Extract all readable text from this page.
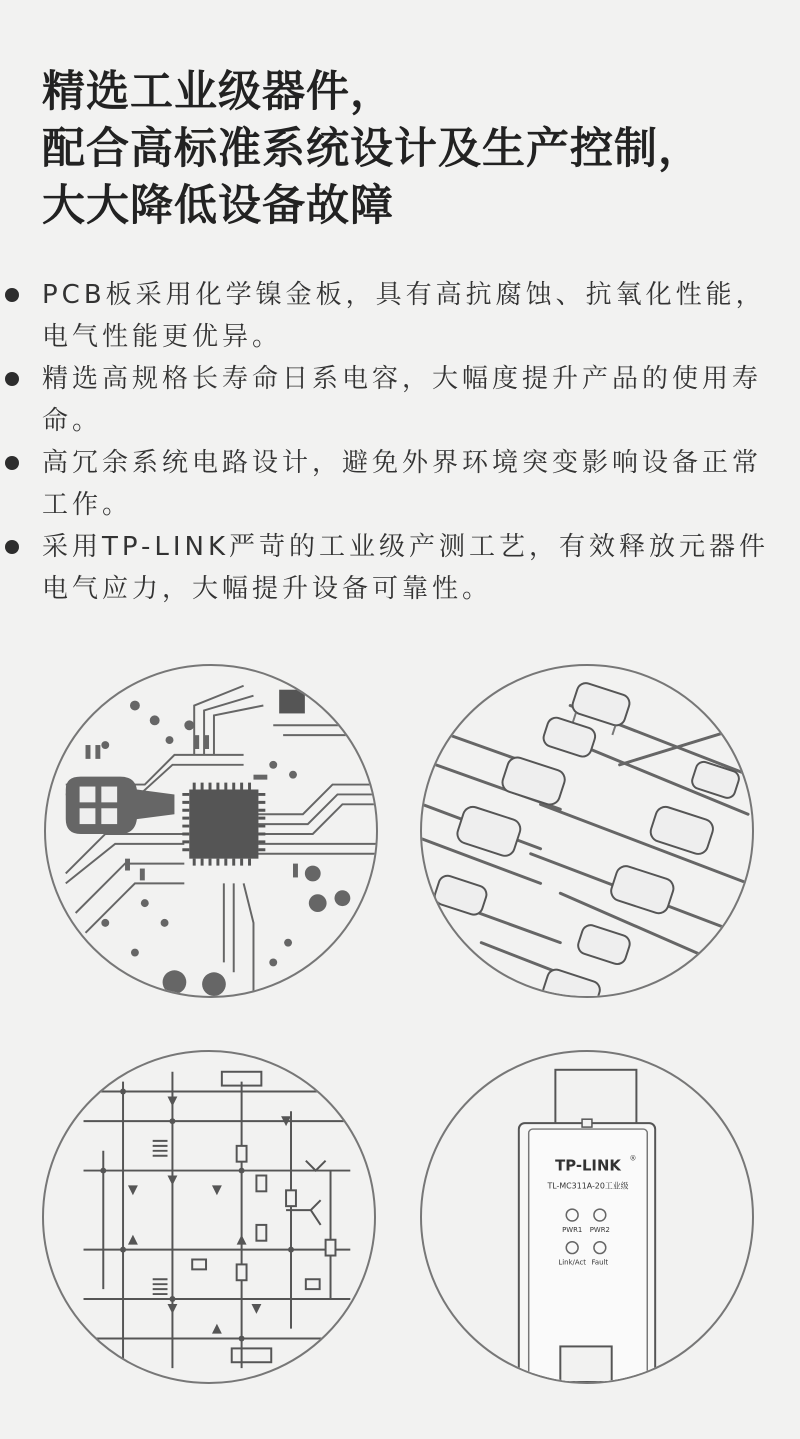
精选工业级器件，
配合高标准系统设计及生产控制，
大大降低设备故障
PCB板采用化学镍金板，具有高抗腐蚀、抗氧化性能，电气性能更优异。
精选高规格长寿命日系电容，大幅度提升产品的使用寿命。
高冗余系统电路设计，避免外界环境突变影响设备正常工作。
采用TP-LINK严苛的工业级产测工艺，有效释放元器件电气应力，大幅提升设备可靠性。
TP-LINK ®
TL-MC311A-20工业级
PWR1 PWR2
Link/Act Fault
